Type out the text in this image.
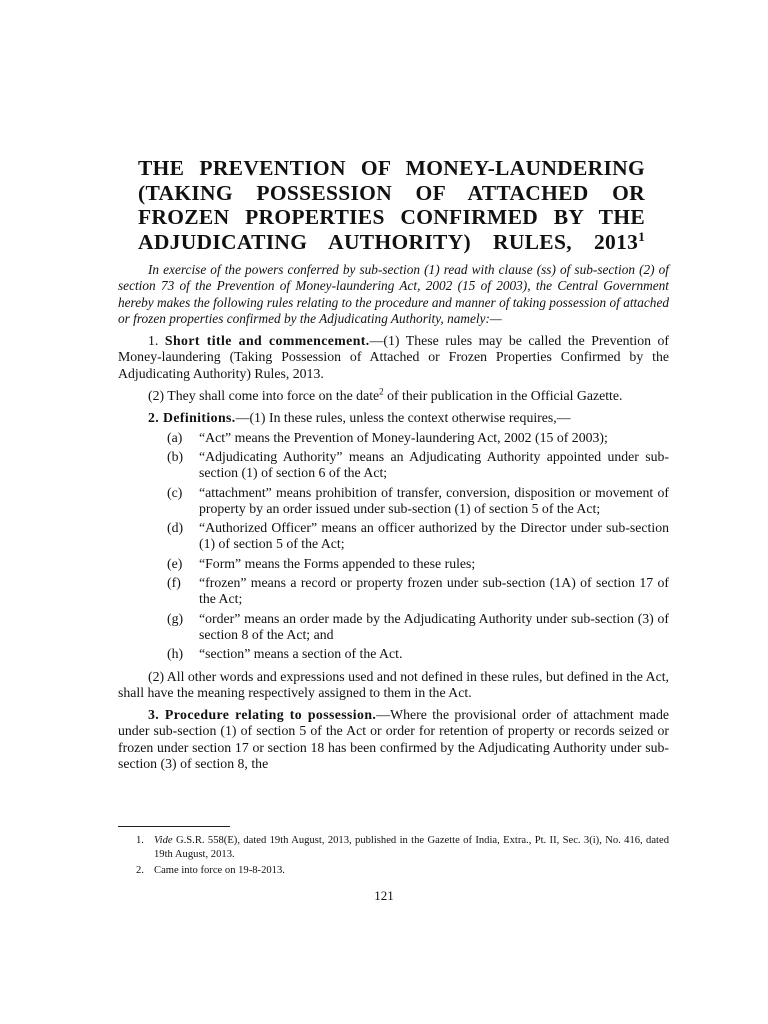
THE PREVENTION OF MONEY-LAUNDERING (TAKING POSSESSION OF ATTACHED OR FROZEN PROPERTIES CONFIRMED BY THE ADJUDICATING AUTHORITY) RULES, 2013$^1$

In exercise of the powers conferred by sub-section (1) read with clause (ss) of sub-section (2) of section 73 of the Prevention of Money-laundering Act, 2002 (15 of 2003), the Central Government hereby makes the following rules relating to the procedure and manner of taking possession of attached or frozen properties confirmed by the Adjudicating Authority, namely:—

1. Short title and commencement.—(1) These rules may be called the Prevention of Money-laundering (Taking Possession of Attached or Frozen Properties Confirmed by the Adjudicating Authority) Rules, 2013.

(2) They shall come into force on the date$^2$ of their publication in the Official Gazette.

2. Definitions.—(1) In these rules, unless the context otherwise requires,—

(a) “Act” means the Prevention of Money-laundering Act, 2002 (15 of 2003);
(b) “Adjudicating Authority” means an Adjudicating Authority appointed under sub-section (1) of section 6 of the Act;
(c) “attachment” means prohibition of transfer, conversion, disposition or movement of property by an order issued under sub-section (1) of section 5 of the Act;
(d) “Authorized Officer” means an officer authorized by the Director under sub-section (1) of section 5 of the Act;
(e) “Form” means the Forms appended to these rules;
(f) “frozen” means a record or property frozen under sub-section (1A) of section 17 of the Act;
(g) “order” means an order made by the Adjudicating Authority under sub-section (3) of section 8 of the Act; and
(h) “section” means a section of the Act.

(2) All other words and expressions used and not defined in these rules, but defined in the Act, shall have the meaning respectively assigned to them in the Act.

3. Procedure relating to possession.—Where the provisional order of attachment made under sub-section (1) of section 5 of the Act or order for retention of property or records seized or frozen under section 17 or section 18 has been confirmed by the Adjudicating Authority under sub-section (3) of section 8, the

1. Vide G.S.R. 558(E), dated 19th August, 2013, published in the Gazette of India, Extra., Pt. II, Sec. 3(i), No. 416, dated 19th August, 2013.
2. Came into force on 19-8-2013.
121
